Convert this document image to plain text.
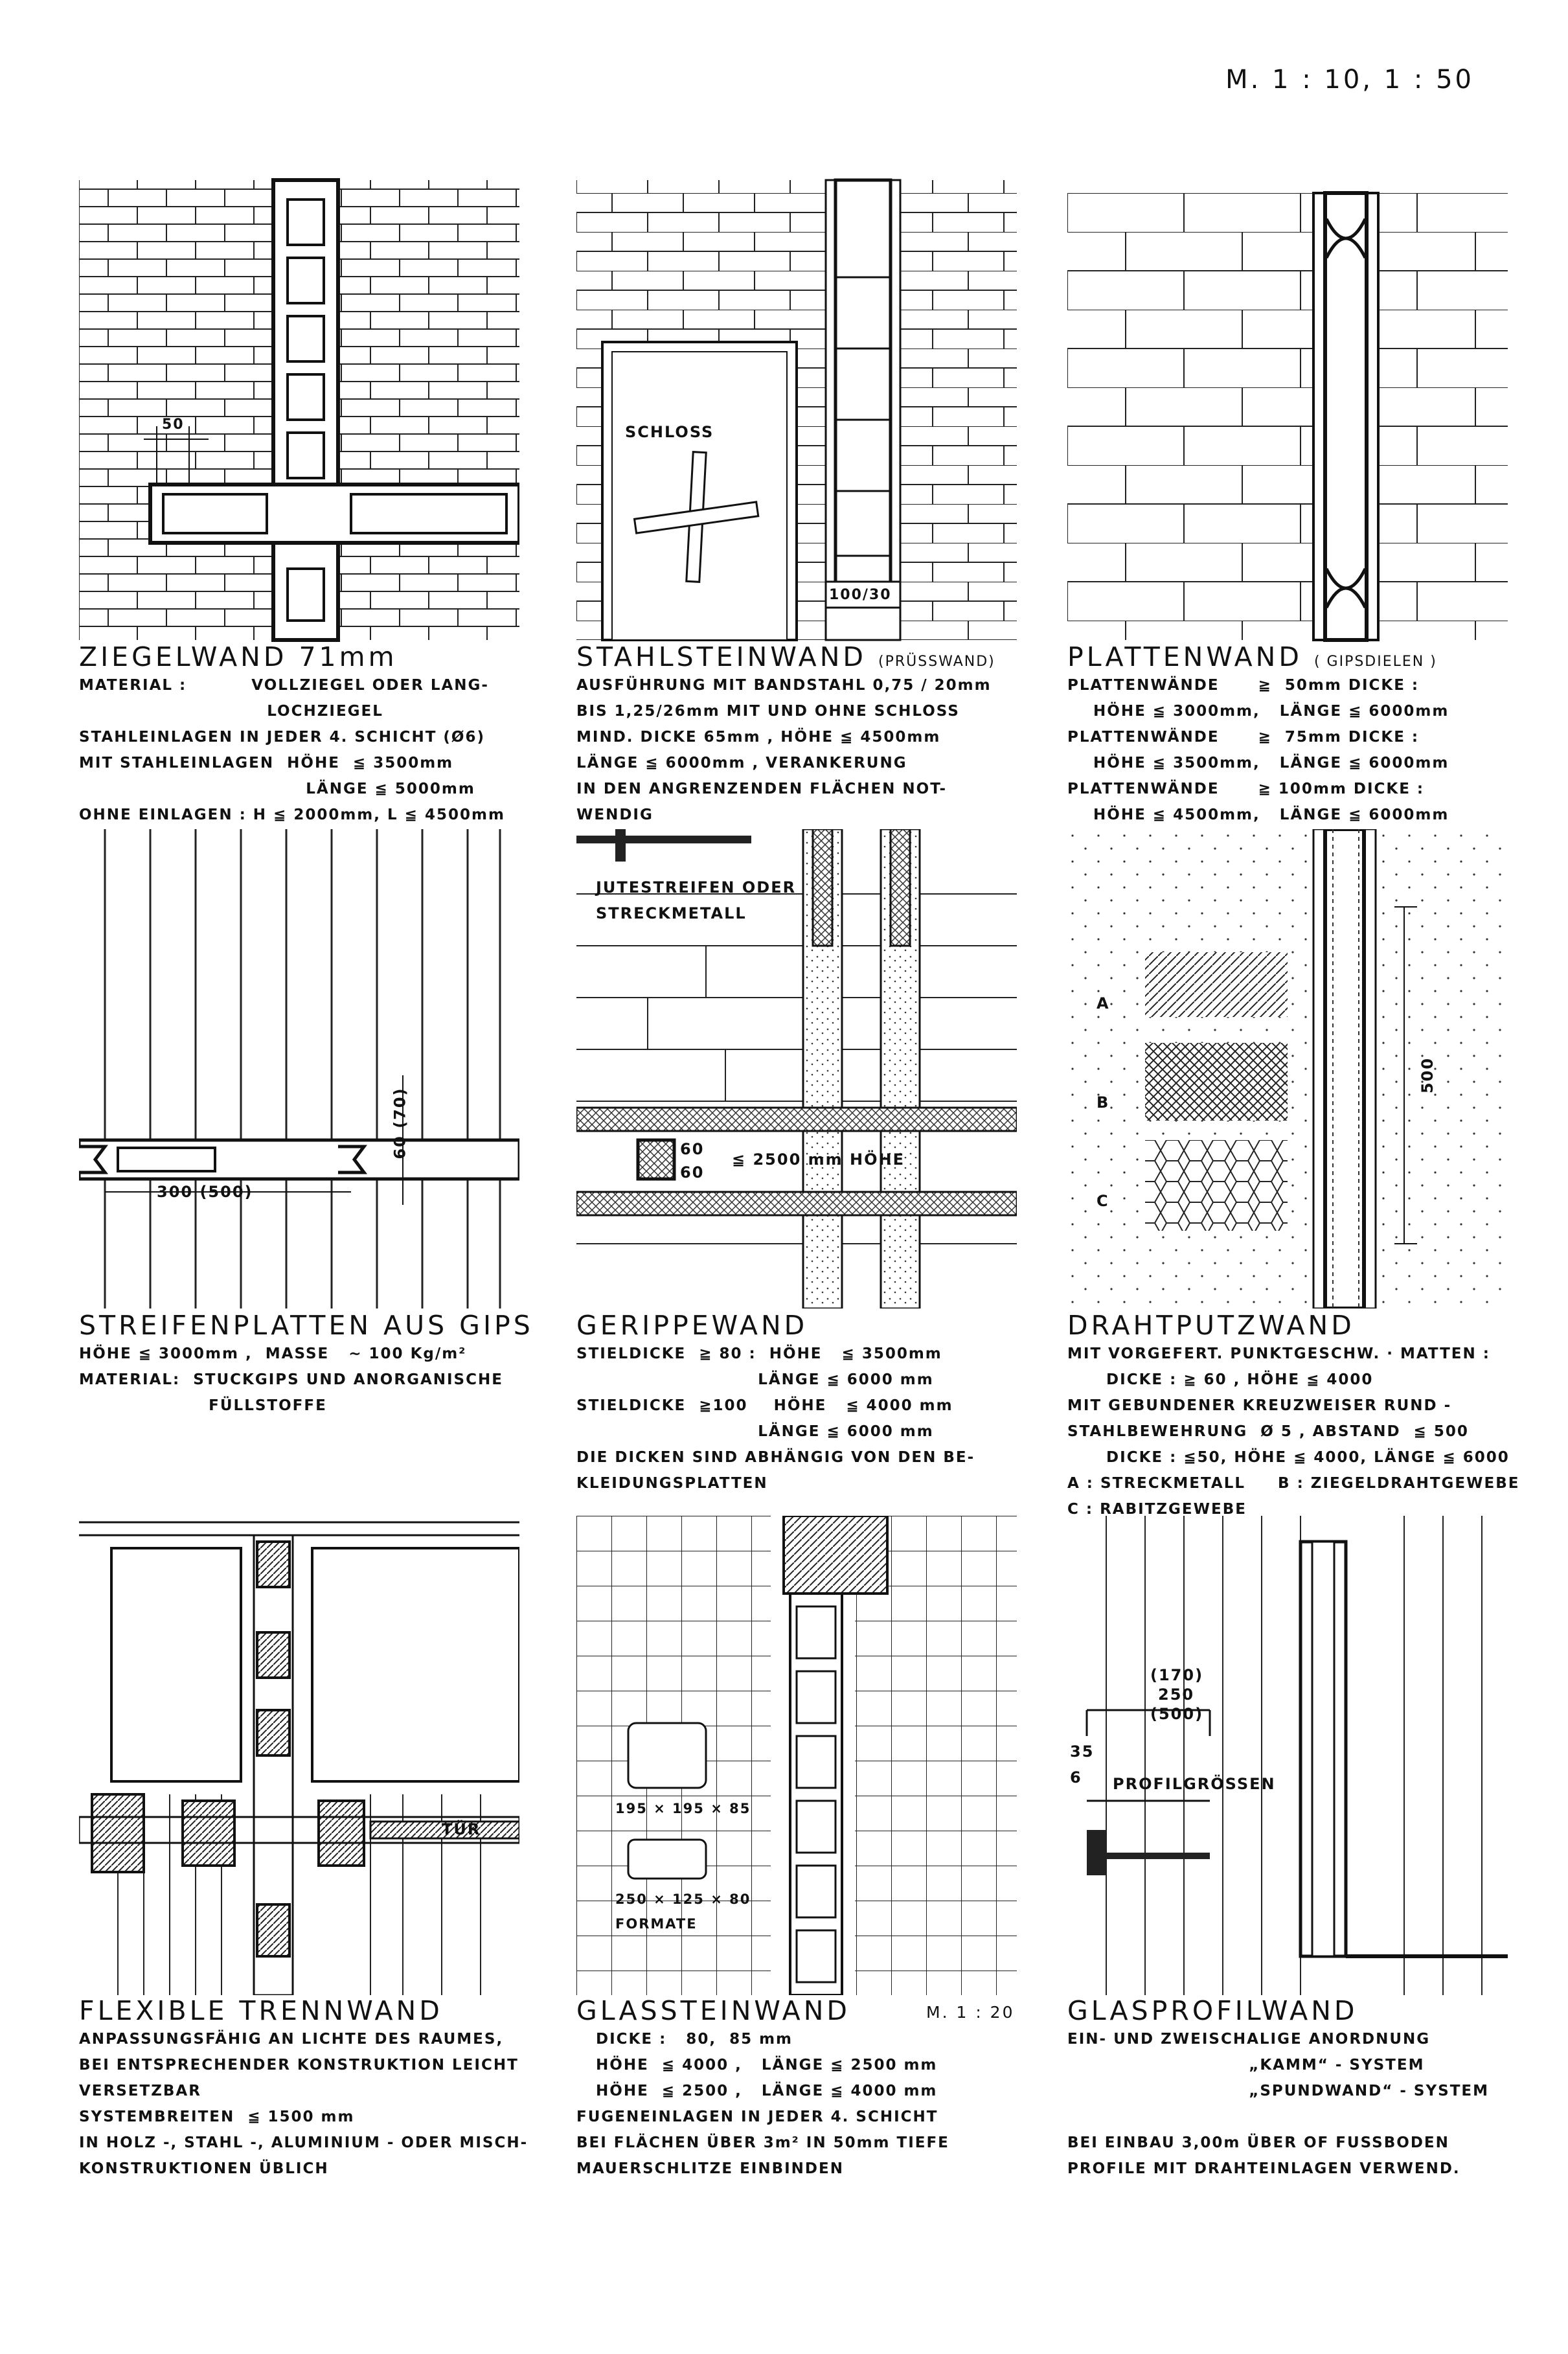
M. 1 : 10, 1 : 50
50
ZIEGELWAND 71mm
MATERIAL :          VOLLZIEGEL ODER LANG-
LOCHZIEGEL
STAHLEINLAGEN IN JEDER 4. SCHICHT (Ø6)
MIT STAHLEINLAGEN  HÖHE  ≦ 3500mm
LÄNGE ≦ 5000mm
OHNE EINLAGEN : H ≦ 2000mm, L ≦ 4500mm
SCHLOSS
100/30
STAHLSTEINWAND (PRÜSSWAND)
AUSFÜHRUNG MIT BANDSTAHL 0,75 / 20mm
BIS 1,25/26mm MIT UND OHNE SCHLOSS
MIND. DICKE 65mm , HÖHE ≦ 4500mm
LÄNGE ≦ 6000mm , VERANKERUNG
IN DEN ANGRENZENDEN FLÄCHEN NOT-
WENDIG
PLATTENWAND ( GIPSDIELEN )
PLATTENWÄNDE      ≧  50mm DICKE :
HÖHE ≦ 3000mm,   LÄNGE ≦ 6000mm
PLATTENWÄNDE      ≧  75mm DICKE :
HÖHE ≦ 3500mm,   LÄNGE ≦ 6000mm
PLATTENWÄNDE      ≧ 100mm DICKE :
HÖHE ≦ 4500mm,   LÄNGE ≦ 6000mm
300 (500)
60 (70)
STREIFENPLATTEN AUS GIPS
HÖHE ≦ 3000mm ,  MASSE   ∼ 100 Kg/m²
MATERIAL:  STUCKGIPS UND ANORGANISCHE
FÜLLSTOFFE
JUTESTREIFEN ODER
STRECKMETALL
60
60
≦ 2500 mm HÖHE
GERIPPEWAND
STIELDICKE  ≧ 80 :  HÖHE   ≦ 3500mm
LÄNGE ≦ 6000 mm
STIELDICKE  ≧100    HÖHE   ≦ 4000 mm
LÄNGE ≦ 6000 mm
DIE DICKEN SIND ABHÄNGIG VON DEN BE-
KLEIDUNGSPLATTEN
A
B
C
500
DRAHTPUTZWAND
MIT VORGEFERT. PUNKTGESCHW. · MATTEN :
DICKE : ≧ 60 , HÖHE ≦ 4000
MIT GEBUNDENER KREUZWEISER RUND -
STAHLBEWEHRUNG  Ø 5 , ABSTAND  ≦ 500
DICKE : ≦50, HÖHE ≦ 4000, LÄNGE ≦ 6000
A : STRECKMETALL     B : ZIEGELDRAHTGEWEBE
C : RABITZGEWEBE
TÜR
FLEXIBLE TRENNWAND
ANPASSUNGSFÄHIG AN LICHTE DES RAUMES,
BEI ENTSPRECHENDER KONSTRUKTION LEICHT
VERSETZBAR
SYSTEMBREITEN  ≦ 1500 mm
IN HOLZ -, STAHL -, ALUMINIUM - ODER MISCH-
KONSTRUKTIONEN ÜBLICH
195 × 195 × 85
250 × 125 × 80
FORMATE
GLASSTEINWAND	M. 1 : 20
DICKE :   80,  85 mm
HÖHE  ≦ 4000 ,   LÄNGE ≦ 2500 mm
HÖHE  ≦ 2500 ,   LÄNGE ≦ 4000 mm
FUGENEINLAGEN IN JEDER 4. SCHICHT
BEI FLÄCHEN ÜBER 3m² IN 50mm TIEFE
MAUERSCHLITZE EINBINDEN
(170)
250
(500)
6
35
PROFILGRÖSSEN
GLASPROFILWAND
EIN- UND ZWEISCHALIGE ANORDNUNG
„KAMM“ - SYSTEM
„SPUNDWAND“ - SYSTEM

BEI EINBAU 3,00m ÜBER OF FUSSBODEN
PROFILE MIT DRAHTEINLAGEN VERWEND.
